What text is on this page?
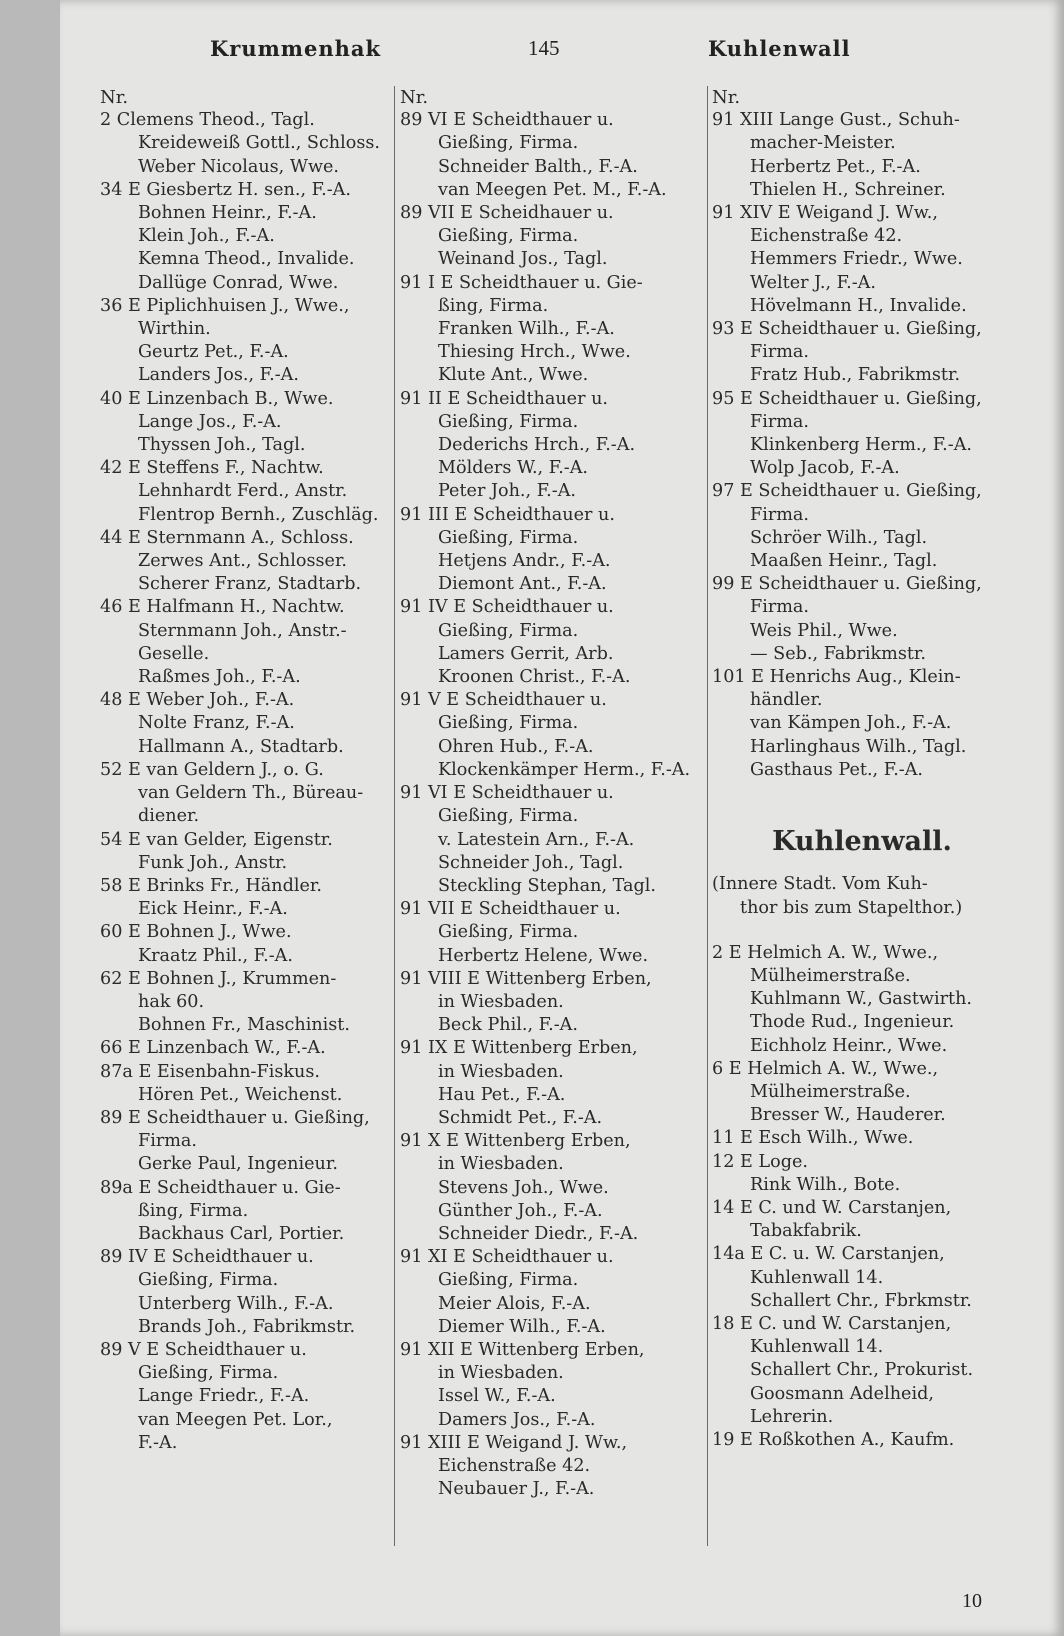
Krummenhak	145	Kuhlenwall
Nr.
2 Clemens Theod., Tagl.
Kreideweiß Gottl., Schloss.
Weber Nicolaus, Wwe.
34 E Giesbertz H. sen., F.-A.
Bohnen Heinr., F.-A.
Klein Joh., F.-A.
Kemna Theod., Invalide.
Dallüge Conrad, Wwe.
36 E Piplichhuisen J., Wwe.,
Wirthin.
Geurtz Pet., F.-A.
Landers Jos., F.-A.
40 E Linzenbach B., Wwe.
Lange Jos., F.-A.
Thyssen Joh., Tagl.
42 E Steffens F., Nachtw.
Lehnhardt Ferd., Anstr.
Flentrop Bernh., Zuschläg.
44 E Sternmann A., Schloss.
Zerwes Ant., Schlosser.
Scherer Franz, Stadtarb.
46 E Halfmann H., Nachtw.
Sternmann Joh., Anstr.-
Geselle.
Raßmes Joh., F.-A.
48 E Weber Joh., F.-A.
Nolte Franz, F.-A.
Hallmann A., Stadtarb.
52 E van Geldern J., o. G.
van Geldern Th., Büreau-
diener.
54 E van Gelder, Eigenstr.
Funk Joh., Anstr.
58 E Brinks Fr., Händler.
Eick Heinr., F.-A.
60 E Bohnen J., Wwe.
Kraatz Phil., F.-A.
62 E Bohnen J., Krummen-
hak 60.
Bohnen Fr., Maschinist.
66 E Linzenbach W., F.-A.
87a E Eisenbahn-Fiskus.
Hören Pet., Weichenst.
89 E Scheidthauer u. Gießing,
Firma.
Gerke Paul, Ingenieur.
89a E Scheidthauer u. Gie-
ßing, Firma.
Backhaus Carl, Portier.
89 IV E Scheidthauer u.
Gießing, Firma.
Unterberg Wilh., F.-A.
Brands Joh., Fabrikmstr.
89 V E Scheidthauer u.
Gießing, Firma.
Lange Friedr., F.-A.
van Meegen Pet. Lor.,
F.-A.
Nr.
89 VI E Scheidthauer u.
Gießing, Firma.
Schneider Balth., F.-A.
van Meegen Pet. M., F.-A.
89 VII E Scheidhauer u.
Gießing, Firma.
Weinand Jos., Tagl.
91 I E Scheidthauer u. Gie-
ßing, Firma.
Franken Wilh., F.-A.
Thiesing Hrch., Wwe.
Klute Ant., Wwe.
91 II E Scheidthauer u.
Gießing, Firma.
Dederichs Hrch., F.-A.
Mölders W., F.-A.
Peter Joh., F.-A.
91 III E Scheidthauer u.
Gießing, Firma.
Hetjens Andr., F.-A.
Diemont Ant., F.-A.
91 IV E Scheidthauer u.
Gießing, Firma.
Lamers Gerrit, Arb.
Kroonen Christ., F.-A.
91 V E Scheidthauer u.
Gießing, Firma.
Ohren Hub., F.-A.
Klockenkämper Herm., F.-A.
91 VI E Scheidthauer u.
Gießing, Firma.
v. Latestein Arn., F.-A.
Schneider Joh., Tagl.
Steckling Stephan, Tagl.
91 VII E Scheidthauer u.
Gießing, Firma.
Herbertz Helene, Wwe.
91 VIII E Wittenberg Erben,
in Wiesbaden.
Beck Phil., F.-A.
91 IX E Wittenberg Erben,
in Wiesbaden.
Hau Pet., F.-A.
Schmidt Pet., F.-A.
91 X E Wittenberg Erben,
in Wiesbaden.
Stevens Joh., Wwe.
Günther Joh., F.-A.
Schneider Diedr., F.-A.
91 XI E Scheidthauer u.
Gießing, Firma.
Meier Alois, F.-A.
Diemer Wilh., F.-A.
91 XII E Wittenberg Erben,
in Wiesbaden.
Issel W., F.-A.
Damers Jos., F.-A.
91 XIII E Weigand J. Ww.,
Eichenstraße 42.
Neubauer J., F.-A.
Nr.
91 XIII Lange Gust., Schuh-
macher-Meister.
Herbertz Pet., F.-A.
Thielen H., Schreiner.
91 XIV E Weigand J. Ww.,
Eichenstraße 42.
Hemmers Friedr., Wwe.
Welter J., F.-A.
Hövelmann H., Invalide.
93 E Scheidthauer u. Gießing,
Firma.
Fratz Hub., Fabrikmstr.
95 E Scheidthauer u. Gießing,
Firma.
Klinkenberg Herm., F.-A.
Wolp Jacob, F.-A.
97 E Scheidthauer u. Gießing,
Firma.
Schröer Wilh., Tagl.
Maaßen Heinr., Tagl.
99 E Scheidthauer u. Gießing,
Firma.
Weis Phil., Wwe.
— Seb., Fabrikmstr.
101 E Henrichs Aug., Klein-
händler.
van Kämpen Joh., F.-A.
Harlinghaus Wilh., Tagl.
Gasthaus Pet., F.-A.
Kuhlenwall.
(Innere Stadt. Vom Kuh-
thor bis zum Stapelthor.)
2 E Helmich A. W., Wwe.,
Mülheimerstraße.
Kuhlmann W., Gastwirth.
Thode Rud., Ingenieur.
Eichholz Heinr., Wwe.
6 E Helmich A. W., Wwe.,
Mülheimerstraße.
Bresser W., Hauderer.
11 E Esch Wilh., Wwe.
12 E Loge.
Rink Wilh., Bote.
14 E C. und W. Carstanjen,
Tabakfabrik.
14a E C. u. W. Carstanjen,
Kuhlenwall 14.
Schallert Chr., Fbrkmstr.
18 E C. und W. Carstanjen,
Kuhlenwall 14.
Schallert Chr., Prokurist.
Goosmann Adelheid,
Lehrerin.
19 E Roßkothen A., Kaufm.
10
